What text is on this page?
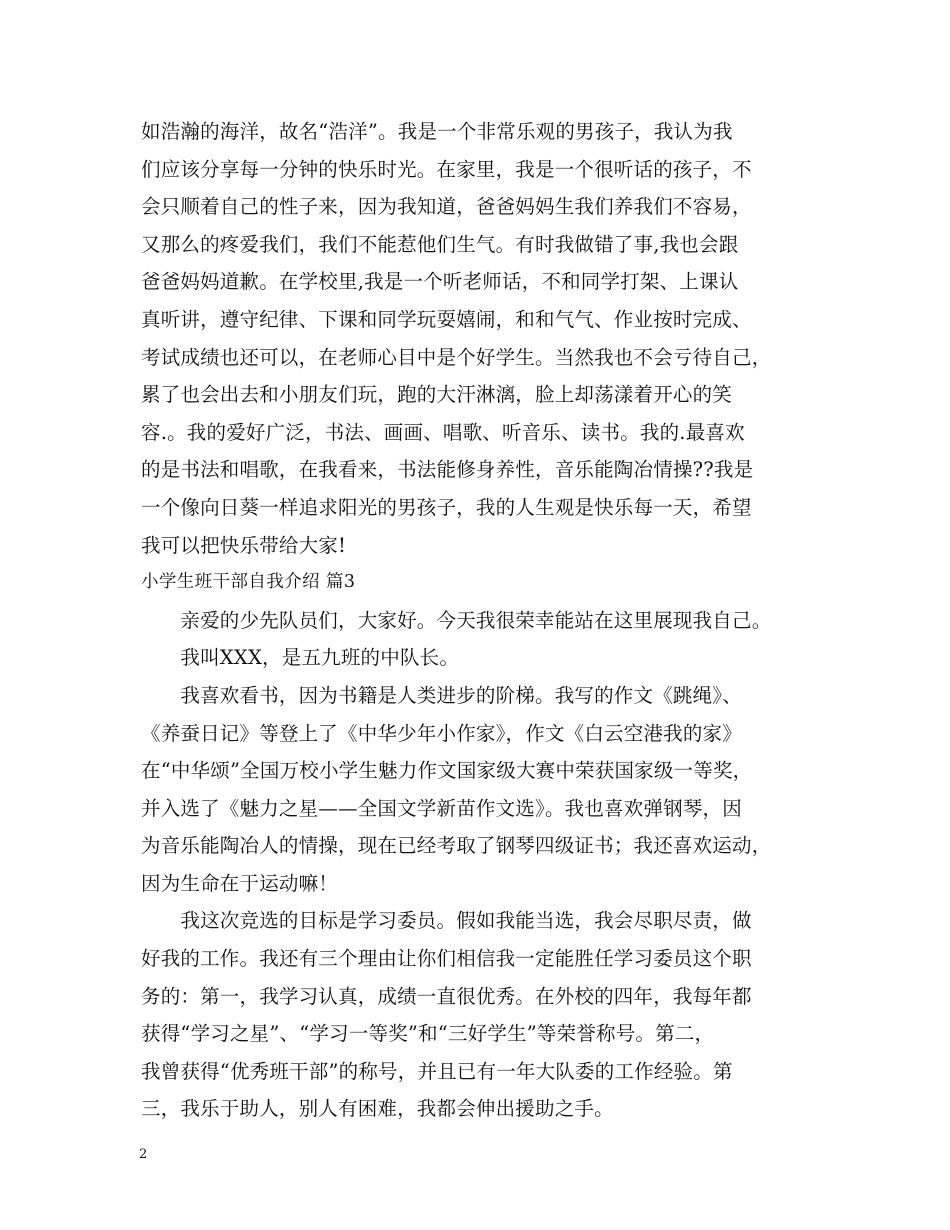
如浩瀚的海洋，故名“浩洋”。我是一个非常乐观的男孩子，我认为我
们应该分享每一分钟的快乐时光。在家里，我是一个很听话的孩子，不
会只顺着自己的性子来，因为我知道，爸爸妈妈生我们养我们不容易，
又那么的疼爱我们，我们不能惹他们生气。有时我做错了事,我也会跟
爸爸妈妈道歉。在学校里,我是一个听老师话，不和同学打架、上课认
真听讲，遵守纪律、下课和同学玩耍嬉闹，和和气气、作业按时完成、
考试成绩也还可以，在老师心目中是个好学生。当然我也不会亏待自己，
累了也会出去和小朋友们玩，跑的大汗淋漓，脸上却荡漾着开心的笑
容.。我的爱好广泛，书法、画画、唱歌、听音乐、读书。我的.最喜欢
的是书法和唱歌，在我看来，书法能修身养性，音乐能陶冶情操??我是
一个像向日葵一样追求阳光的男孩子，我的人生观是快乐每一天，希望
我可以把快乐带给大家!
小学生班干部自我介绍 篇3
　　亲爱的少先队员们，大家好。今天我很荣幸能站在这里展现我自己。
　　我叫XXX，是五九班的中队长。
　　我喜欢看书，因为书籍是人类进步的阶梯。我写的作文《跳绳》、
《养蚕日记》等登上了《中华少年小作家》，作文《白云空港我的家》
在“中华颂”全国万校小学生魅力作文国家级大赛中荣获国家级一等奖，
并入选了《魅力之星——全国文学新苗作文选》。我也喜欢弹钢琴，因
为音乐能陶冶人的情操，现在已经考取了钢琴四级证书；我还喜欢运动，
因为生命在于运动嘛！
　　我这次竞选的目标是学习委员。假如我能当选，我会尽职尽责，做
好我的工作。我还有三个理由让你们相信我一定能胜任学习委员这个职
务的：第一，我学习认真，成绩一直很优秀。在外校的四年，我每年都
获得“学习之星”、“学习一等奖”和“三好学生”等荣誉称号。第二，
我曾获得“优秀班干部”的称号，并且已有一年大队委的工作经验。第
三，我乐于助人，别人有困难，我都会伸出援助之手。
2
